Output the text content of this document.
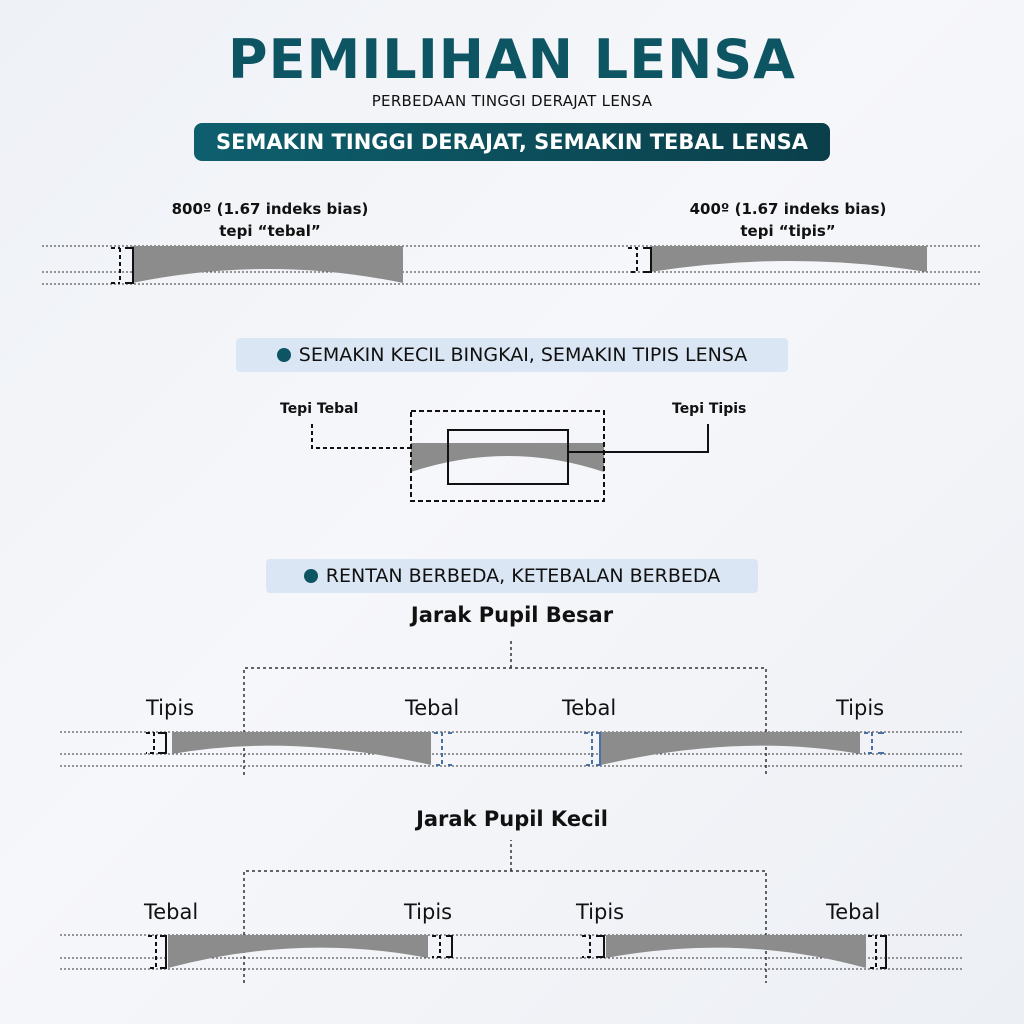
PEMILIHAN LENSA
PERBEDAAN TINGGI DERAJAT LENSA
SEMAKIN TINGGI DERAJAT, SEMAKIN TEBAL LENSA
800º (1.67 indeks bias)
tepi “tebal”
400º (1.67 indeks bias)
tepi “tipis”
SEMAKIN KECIL BINGKAI, SEMAKIN TIPIS LENSA
Tepi Tebal	Tepi Tipis
RENTAN BERBEDA, KETEBALAN BERBEDA
Jarak Pupil Besar
Tipis	Tebal	Tebal	Tipis
Jarak Pupil Kecil
Tebal	Tipis	Tipis	Tebal
